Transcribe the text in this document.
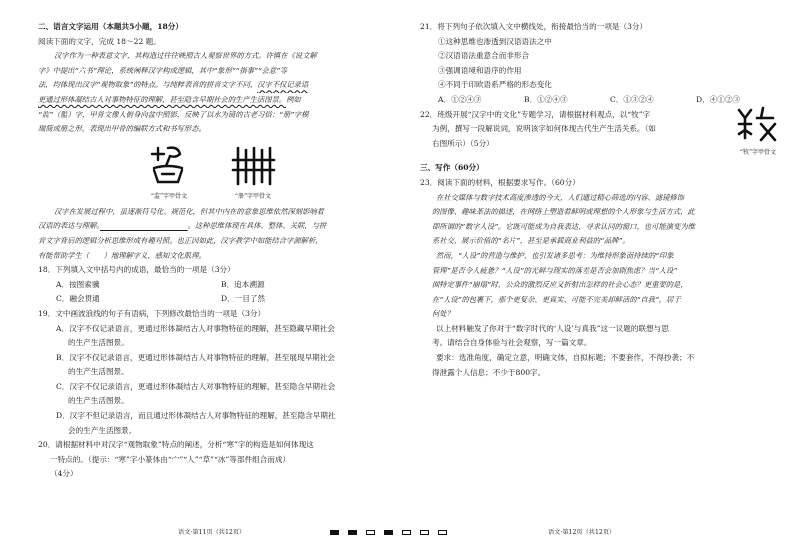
二、语言文字运用（本题共5小题，18分）
阅读下面的文字，完成 18～22 题。
汉字作为一种表意文字，其构造过往往映照古人观察世界的方式。许慎在《说文解
字》中提出“六书”理论，系统阐释汉字构成逻辑，其中“象形”“指事”“会意”等
法，均体现出汉字“观物取象”的特点。与纯粹表音的拼音文字不同，汉字不仅记录语
更通过形体凝结古人对事物特征的理解，甚至隐含早期社会的生产生活图景。例如
“监”（監）字，甲骨文像人俯身向盆中照影，反映了以水为镜的古老习俗；“册”字模
瑞简成册之形，表现出甲骨的编联方式和书写形态。
“监”字甲骨文	“册”字甲骨文
汉字在发展过程中，虽逐渐符号化、规范化，但其中内在的意象思维依然深刻影响着
汉语的表达与理解。　　　　　　　　　　　　	。这种思维体现在具体、整体、关联，与拼
音文字背后的逻辑分析思维形成有趣对照。也正因如此，汉字教学中如能结合字源解析，
有能帮助学生（　　）地理解字义，感知文化肌理。
18．下列填入文中括号内的成语，最恰当的一项是（3分）
A．按图索骥	B．追本溯源
C．融会贯通	D．一目了然
19．文中画波浪线的句子有语病，下列修改最恰当的一项是（3分）
A．汉字不仅记录语言，更通过形体凝结古人对事物特征的理解，甚至隐藏早期社会
的生产生活图景。
B．汉字不仅记录语言，更通过形体凝结古人对事物特征的理解，甚至展现早期社会
的生产生活图景。
C．汉字不仅记录语言，更通过形体凝结古人对事物特征的理解，甚至隐含早期社会
的生产生活图景。
D．汉字不但记录语言，而且通过形体凝结古人对事物特征的理解，甚至隐含早期社
会的生产生活图景。
20．请根据材料中对汉字“观物取象”特点的阐述，分析“寒”字的构造是如何体现这
一特点的。（提示：“寒”字小篆体由“宀”“人”“草”“冰”等部件组合而成）
（4分）
语文·第11页（共12页）
21．将下列句子依次填入文中横线处，衔接最恰当的一项是（3分）
①这种思维也渗透到汉语语法之中
②汉语语法重意合而非形合
③强调语境和语序的作用
④不同于印欧语系严格的形态变化
A．①②④③	B．①②④③	C．①③②④	D．④①②③
22．班级开展“汉字中的文化”专题学习，请根据材料观点，以“牧”字
为例，撰写一段解说词，说明该字如何体现古代生产生活关系。（如
右图所示）（5分）
“牧”字甲骨文
三、写作（60分）
23．阅读下面的材料，根据要求写作。（60分）
在社交媒体与数字技术高度渗透的今天，人们通过精心筛选的内容、滤镜修饰
的图像、趣味革法的描述，在网络上塑造着鲜明或理想的个人形象与生活方式，此
即所谓的“数字人设”。它既可能成为自我表达、寻求认同的窗口，也可能演变为维
系社交、展示价值的“名片”，甚至是承载商业利益的“品牌”。
然而，“人设”的营造与维护，也引发诸多思考：为维持形象而持续的“印象
管理”是否令人疲惫？“人设”的光鲜与现实的落差是否会加剧焦虑？当“人设”
囿特定事件“崩塌”时，公众的激烈反应又折射出怎样的社会心态？更重要的是，
在“人设”的包裹下，那个更复杂、更真实、可能不完美却鲜活的“自我”，居于
何处？
以上材料触发了你对于“数字时代的‘人设’与真我”这一议题的联想与思
考。请结合自身体验与社会观察，写一篇文章。
要求：选准角度，确定立意，明确文体，自拟标题；不要套作，不得抄袭；不
得泄露个人信息；不少于800字。
语文·第12页（共12页）
